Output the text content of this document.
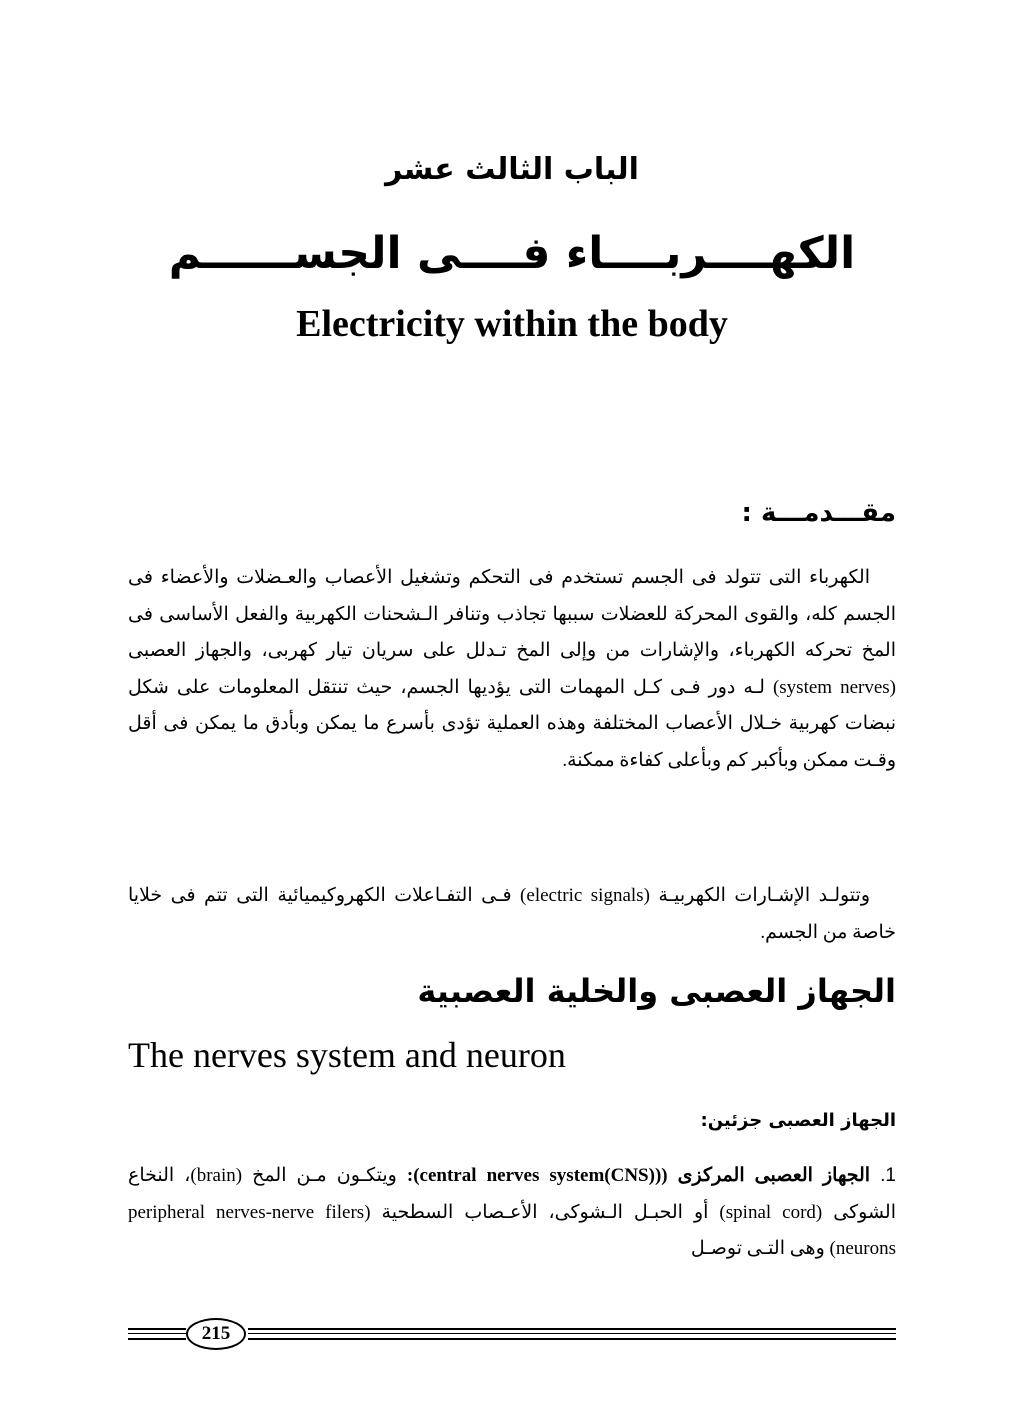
الباب الثالث عشر
الكهــــربــــاء فــــى الجســــــم
Electricity within the body
مقـــدمـــة :
الكهرباء التى تتولد فى الجسم تستخدم فى التحكم وتشغيل الأعصاب والعـضلات والأعضاء فى الجسم كله، والقوى المحركة للعضلات سببها تجاذب وتنافر الـشحنات الكهربية والفعل الأساسى فى المخ تحركه الكهرباء، والإشارات من وإلى المخ تـدلل على سريان تيار كهربى، والجهاز العصبى (system nerves) لـه دور فـى كـل المهمات التى يؤديها الجسم، حيث تنتقل المعلومات على شكل نبضات كهربية خـلال الأعصاب المختلفة وهذه العملية تؤدى بأسرع ما يمكن وبأدق ما يمكن فى أقل وقـت ممكن وبأكبر كم وبأعلى كفاءة ممكنة.
وتتولـد الإشـارات الكهربيـة (electric signals) فـى التفـاعلات الكهروكيميائية التى تتم فى خلايا خاصة من الجسم.
الجهاز العصبى والخلية العصبية
The nerves system and neuron
الجهاز العصبى جزئين:
1. الجهاز العصبى المركزى ((central nerves system(CNS)): ويتكـون مـن المخ (brain)، النخاع الشوكى (spinal cord) أو الحبـل الـشوكى، الأعـصاب السطحية (peripheral nerves-nerve filers (neurons وهى التـى توصـل
215
